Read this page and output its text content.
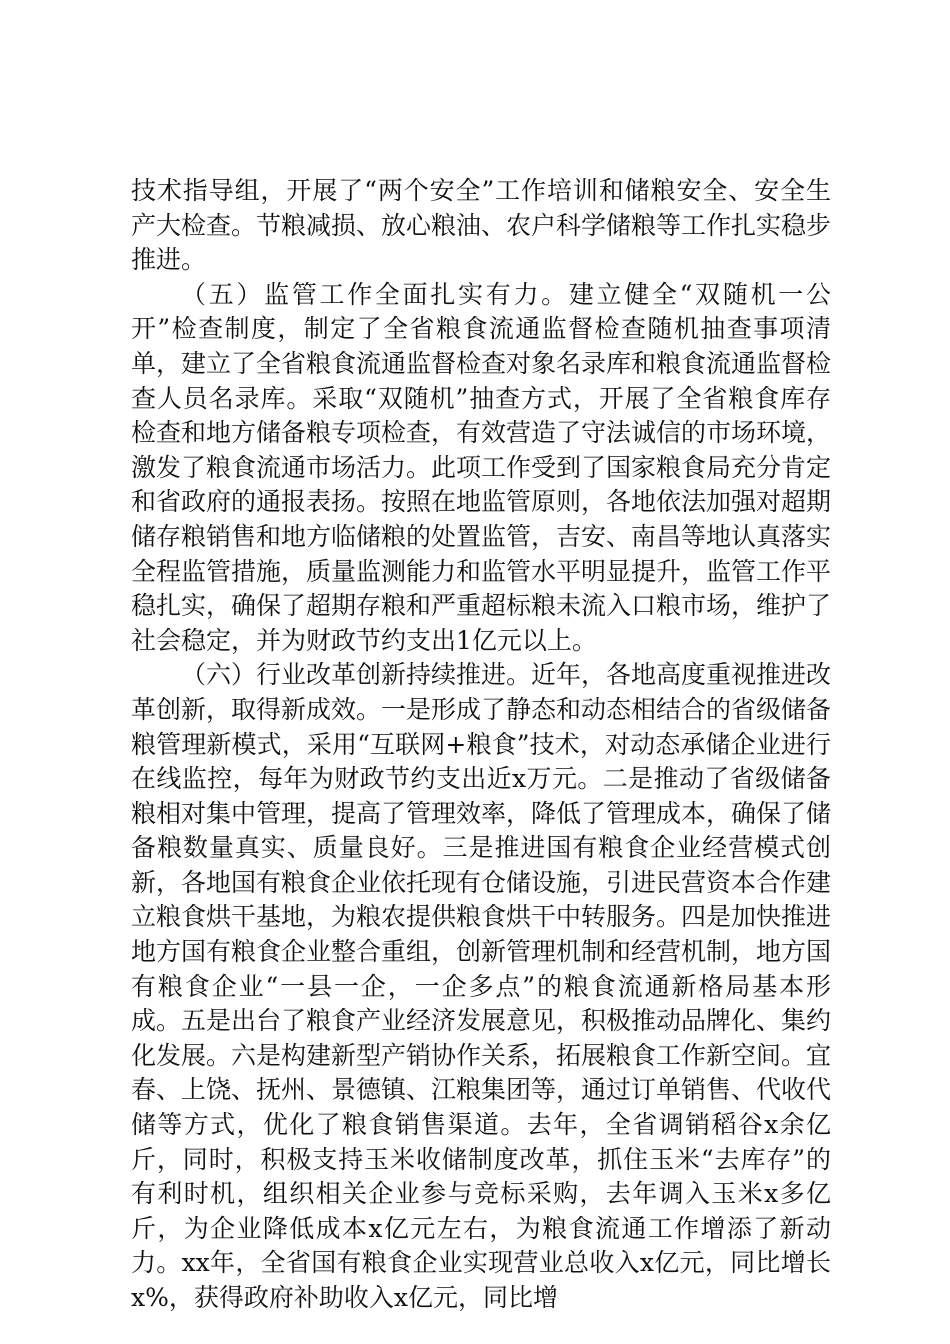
技术指导组，开展了“两个安全”工作培训和储粮安全、安全生产大检查。节粮减损、放心粮油、农户科学储粮等工作扎实稳步推进。

（五）监管工作全面扎实有力。建立健全“双随机一公开”检查制度，制定了全省粮食流通监督检查随机抽查事项清单，建立了全省粮食流通监督检查对象名录库和粮食流通监督检查人员名录库。采取“双随机”抽查方式，开展了全省粮食库存检查和地方储备粮专项检查，有效营造了守法诚信的市场环境，激发了粮食流通市场活力。此项工作受到了国家粮食局充分肯定和省政府的通报表扬。按照在地监管原则，各地依法加强对超期储存粮销售和地方临储粮的处置监管，吉安、南昌等地认真落实全程监管措施，质量监测能力和监管水平明显提升，监管工作平稳扎实，确保了超期存粮和严重超标粮未流入口粮市场，维护了社会稳定，并为财政节约支出1亿元以上。

（六）行业改革创新持续推进。近年，各地高度重视推进改革创新，取得新成效。一是形成了静态和动态相结合的省级储备粮管理新模式，采用“互联网+粮食”技术，对动态承储企业进行在线监控，每年为财政节约支出近x万元。二是推动了省级储备粮相对集中管理，提高了管理效率，降低了管理成本，确保了储备粮数量真实、质量良好。三是推进国有粮食企业经营模式创新，各地国有粮食企业依托现有仓储设施，引进民营资本合作建立粮食烘干基地，为粮农提供粮食烘干中转服务。四是加快推进地方国有粮食企业整合重组，创新管理机制和经营机制，地方国有粮食企业“一县一企，一企多点”的粮食流通新格局基本形成。五是出台了粮食产业经济发展意见，积极推动品牌化、集约化发展。六是构建新型产销协作关系，拓展粮食工作新空间。宜春、上饶、抚州、景德镇、江粮集团等，通过订单销售、代收代储等方式，优化了粮食销售渠道。去年，全省调销稻谷x余亿斤，同时，积极支持玉米收储制度改革，抓住玉米“去库存”的有利时机，组织相关企业参与竞标采购，去年调入玉米x多亿斤，为企业降低成本x亿元左右，为粮食流通工作增添了新动力。xx年，全省国有粮食企业实现营业总收入x亿元，同比增长x%，获得政府补助收入x亿元，同比增
